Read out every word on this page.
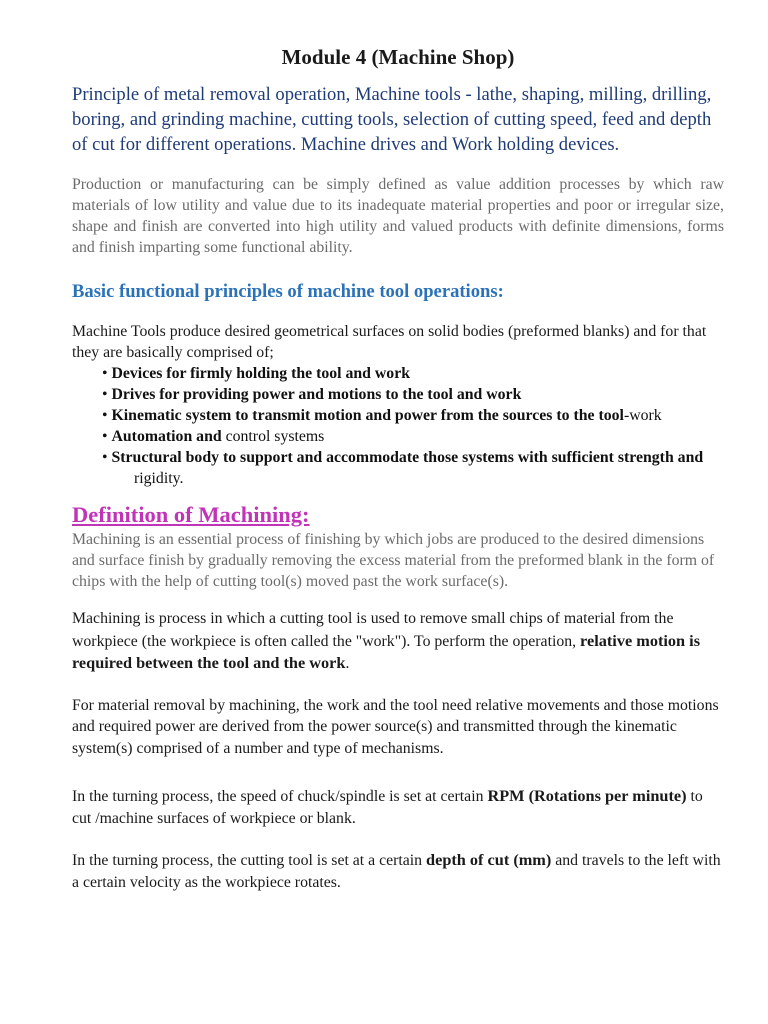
Module 4 (Machine Shop)

Principle of metal removal operation, Machine tools - lathe, shaping, milling, drilling, boring, and grinding machine, cutting tools, selection of cutting speed, feed and depth of cut for different operations. Machine drives and Work holding devices.

Production or manufacturing can be simply defined as value addition processes by which raw materials of low utility and value due to its inadequate material properties and poor or irregular size, shape and finish are converted into high utility and valued products with definite dimensions, forms and finish imparting some functional ability.

Basic functional principles of machine tool operations:

Machine Tools produce desired geometrical surfaces on solid bodies (preformed blanks) and for that they are basically comprised of;

• Devices for firmly holding the tool and work
• Drives for providing power and motions to the tool and work
• Kinematic system to transmit motion and power from the sources to the tool-work
• Automation and control systems
• Structural body to support and accommodate those systems with sufficient strength and
rigidity.
Definition of Machining:

Machining is an essential process of finishing by which jobs are produced to the desired dimensions and surface finish by gradually removing the excess material from the preformed blank in the form of chips with the help of cutting tool(s) moved past the work surface(s).

Machining is process in which a cutting tool is used to remove small chips of material from the workpiece (the workpiece is often called the "work"). To perform the operation, relative motion is required between the tool and the work.

For material removal by machining, the work and the tool need relative movements and those motions and required power are derived from the power source(s) and transmitted through the kinematic system(s) comprised of a number and type of mechanisms.

In the turning process, the speed of chuck/spindle is set at certain RPM (Rotations per minute) to cut /machine surfaces of workpiece or blank.

In the turning process, the cutting tool is set at a certain depth of cut (mm) and travels to the left with a certain velocity as the workpiece rotates.
